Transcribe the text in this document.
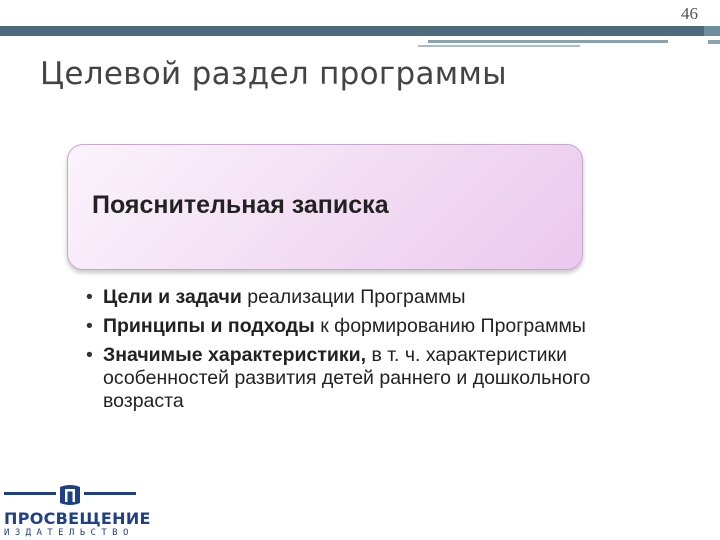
46
Целевой раздел программы
Пояснительная записка
• Цели и задачи реализации Программы
• Принципы и подходы к формированию Программы
• Значимые характеристики, в т. ч. характеристики особенностей развития детей раннего и дошкольного возраста
ПРОСВЕЩЕНИЕ
ИЗДАТЕЛЬСТВО
